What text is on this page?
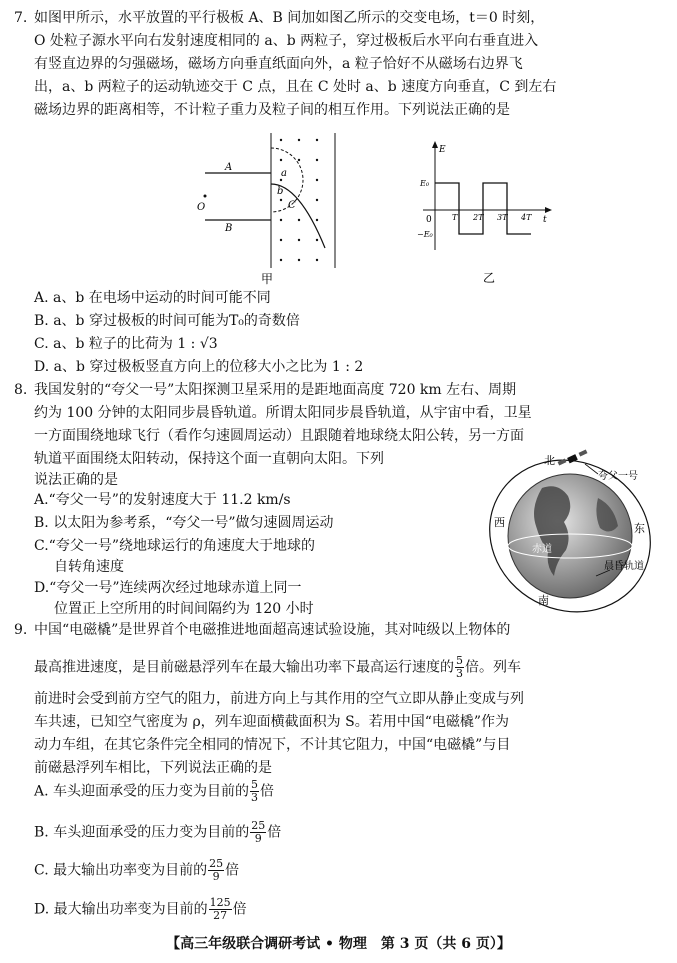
7. 如图甲所示，水平放置的平行极板 A、B 间加如图乙所示的交变电场，t＝0 时刻，
O 处粒子源水平向右发射速度相同的 a、b 两粒子，穿过极板后水平向右垂直进入
有竖直边界的匀强磁场，磁场方向垂直纸面向外，a 粒子恰好不从磁场右边界飞
出，a、b 两粒子的运动轨迹交于 C 点，且在 C 处时 a、b 速度方向垂直，C 到左右
磁场边界的距离相等，不计粒子重力及粒子间的相互作用。下列说法正确的是
A
B
O
a
b
C
甲
E
t
0
E₀
−E₀
T 2T 3T 4T
乙
A. a、b 在电场中运动的时间可能不同
B. a、b 穿过极板的时间可能为T₀的奇数倍
C. a、b 粒子的比荷为 1 : √3
D. a、b 穿过极板竖直方向上的位移大小之比为 1 : 2
8. 我国发射的“夸父一号”太阳探测卫星采用的是距地面高度 720 km 左右、周期
约为 100 分钟的太阳同步晨昏轨道。所谓太阳同步晨昏轨道，从宇宙中看，卫星
一方面围绕地球飞行（看作匀速圆周运动）且跟随着地球绕太阳公转，另一方面
轨道平面围绕太阳转动，保持这个面一直朝向太阳。下列
说法正确的是
A.“夸父一号”的发射速度大于 11.2 km/s
B. 以太阳为参考系，“夸父一号”做匀速圆周运动
C.“夸父一号”绕地球运行的角速度大于地球的
自转角速度
D.“夸父一号”连续两次经过地球赤道上同一
位置正上空所用的时间间隔约为 120 小时
夸父一号
北
东
西
南
赤道
晨昏轨道
9. 中国“电磁橇”是世界首个电磁推进地面超高速试验设施，其对吨级以上物体的
最高推进速度，是目前磁悬浮列车在最大输出功率下最高运行速度的 $\frac{5}{3}$ 倍。列车
前进时会受到前方空气的阻力，前进方向上与其作用的空气立即从静止变成与列
车共速，已知空气密度为 ρ，列车迎面横截面积为 S。若用中国“电磁橇”作为
动力车组，在其它条件完全相同的情况下，不计其它阻力，中国“电磁橇”与目
前磁悬浮列车相比，下列说法正确的是
A. 车头迎面承受的压力变为目前的 $\frac{5}{3}$ 倍
B. 车头迎面承受的压力变为目前的 $\frac{25}{9}$ 倍
C. 最大输出功率变为目前的 $\frac{25}{9}$ 倍
D. 最大输出功率变为目前的 $\frac{125}{27}$ 倍
【高三年级联合调研考试 • 物理　第 3 页（共 6 页）】
